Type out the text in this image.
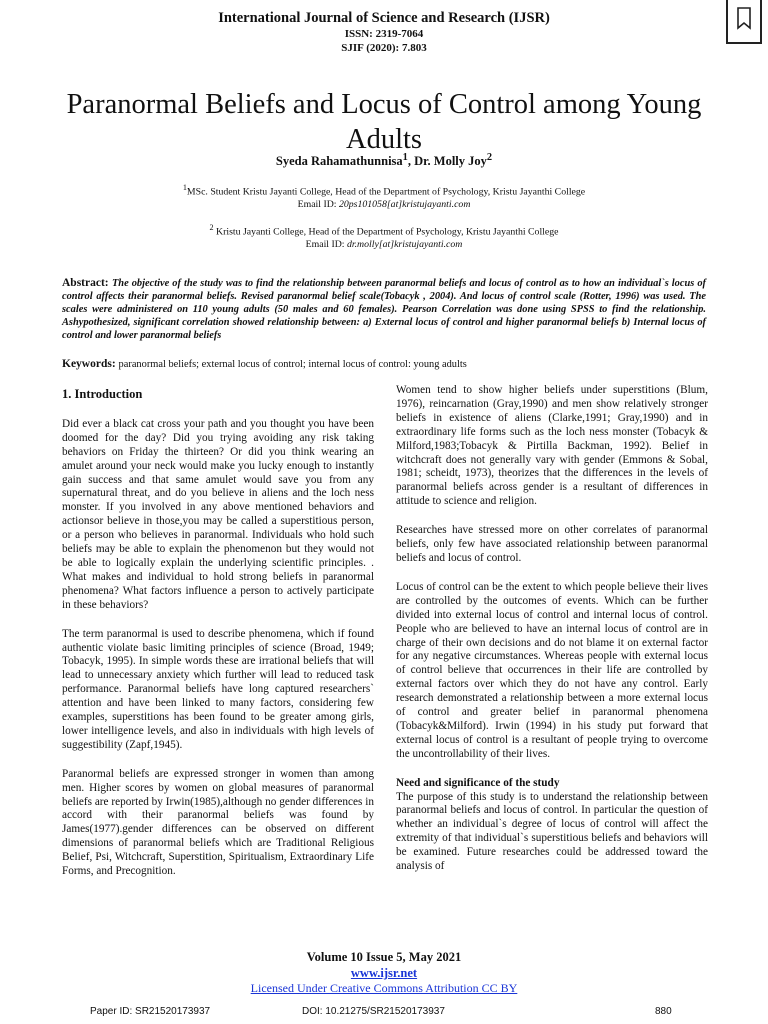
International Journal of Science and Research (IJSR)
ISSN: 2319-7064
SJIF (2020): 7.803
Paranormal Beliefs and Locus of Control among Young Adults
Syeda Rahamathunnisa$^1$, Dr. Molly Joy$^2$
$^1$MSc. Student Kristu Jayanti College, Head of the Department of Psychology, Kristu Jayanthi College
Email ID: 20ps101058[at]kristujayanti.com
$^2$ Kristu Jayanti College, Head of the Department of Psychology, Kristu Jayanthi College
Email ID: dr.molly[at]kristujayanti.com
Abstract: The objective of the study was to find the relationship between paranormal beliefs and locus of control as to how an individual`s locus of control affects their paranormal beliefs. Revised paranormal belief scale(Tobacyk , 2004). And locus of control scale (Rotter, 1996) was used. The scales were administered on 110 young adults (50 males and 60 females). Pearson Correlation was done using SPSS to find the relationship. Ashypothesized, significant correlation showed relationship between: a) External locus of control and higher paranormal beliefs b) Internal locus of control and lower paranormal beliefs
Keywords: paranormal beliefs; external locus of control; internal locus of control: young adults
1. Introduction

Did ever a black cat cross your path and you thought you have been doomed for the day? Did you trying avoiding any risk taking behaviors on Friday the thirteen? Or did you think wearing an amulet around your neck would make you lucky enough to instantly gain success and that same amulet would save you from any supernatural threat, and do you believe in aliens and the loch ness monster. If you involved in any above mentioned behaviors and actionsor believe in those,you may be called a superstitious person, or a person who believes in paranormal. Individuals who hold such beliefs may be able to explain the phenomenon but they would not be able to logically explain the underlying scientific principles. . What makes and individual to hold strong beliefs in paranormal phenomena? What factors influence a person to actively participate in these behaviors?

The term paranormal is used to describe phenomena, which if found authentic violate basic limiting principles of science (Broad, 1949; Tobacyk, 1995). In simple words these are irrational beliefs that will lead to unnecessary anxiety which further will lead to reduced task performance. Paranormal beliefs have long captured researchers` attention and have been linked to many factors, considering few examples, superstitions has been found to be greater among girls, lower intelligence levels, and also in individuals with high levels of suggestibility (Zapf,1945).

Paranormal beliefs are expressed stronger in women than among men. Higher scores by women on global measures of paranormal beliefs are reported by Irwin(1985),although no gender differences in accord with their paranormal beliefs was found by James(1977).gender differences can be observed on different dimensions of paranormal beliefs which are Traditional Religious Belief, Psi, Witchcraft, Superstition, Spiritualism, Extraordinary Life Forms, and Precognition.

Women tend to show higher beliefs under superstitions (Blum, 1976), reincarnation (Gray,1990) and men show relatively stronger beliefs in existence of aliens (Clarke,1991; Gray,1990) and in extraordinary life forms such as the loch ness monster (Tobacyk & Milford,1983;Tobacyk & Pirtilla Backman, 1992). Belief in witchcraft does not generally vary with gender (Emmons & Sobal, 1981; scheidt, 1973), theorizes that the differences in the levels of paranormal beliefs across gender is a resultant of differences in attitude to science and religion.

Researches have stressed more on other correlates of paranormal beliefs, only few have associated relationship between paranormal beliefs and locus of control.

Locus of control can be the extent to which people believe their lives are controlled by the outcomes of events. Which can be further divided into external locus of control and internal locus of control. People who are believed to have an internal locus of control are in charge of their own decisions and do not blame it on external factor for any negative circumstances. Whereas people with external locus of control believe that occurrences in their life are controlled by external factors over which they do not have any control. Early research demonstrated a relationship between a more external locus of control and greater belief in paranormal phenomena (Tobacyk&Milford). Irwin (1994) in his study put forward that external locus of control is a resultant of people trying to overcome the uncontrollability of their lives.

Need and significance of the study

The purpose of this study is to understand the relationship between paranormal beliefs and locus of control. In particular the question of whether an individual`s degree of locus of control will affect the extremity of that individual`s superstitious beliefs and behaviors will be examined. Future researches could be addressed toward the analysis of

Volume 10 Issue 5, May 2021
www.ijsr.net
Licensed Under Creative Commons Attribution CC BY
Paper ID: SR21520173937	DOI: 10.21275/SR21520173937	880
